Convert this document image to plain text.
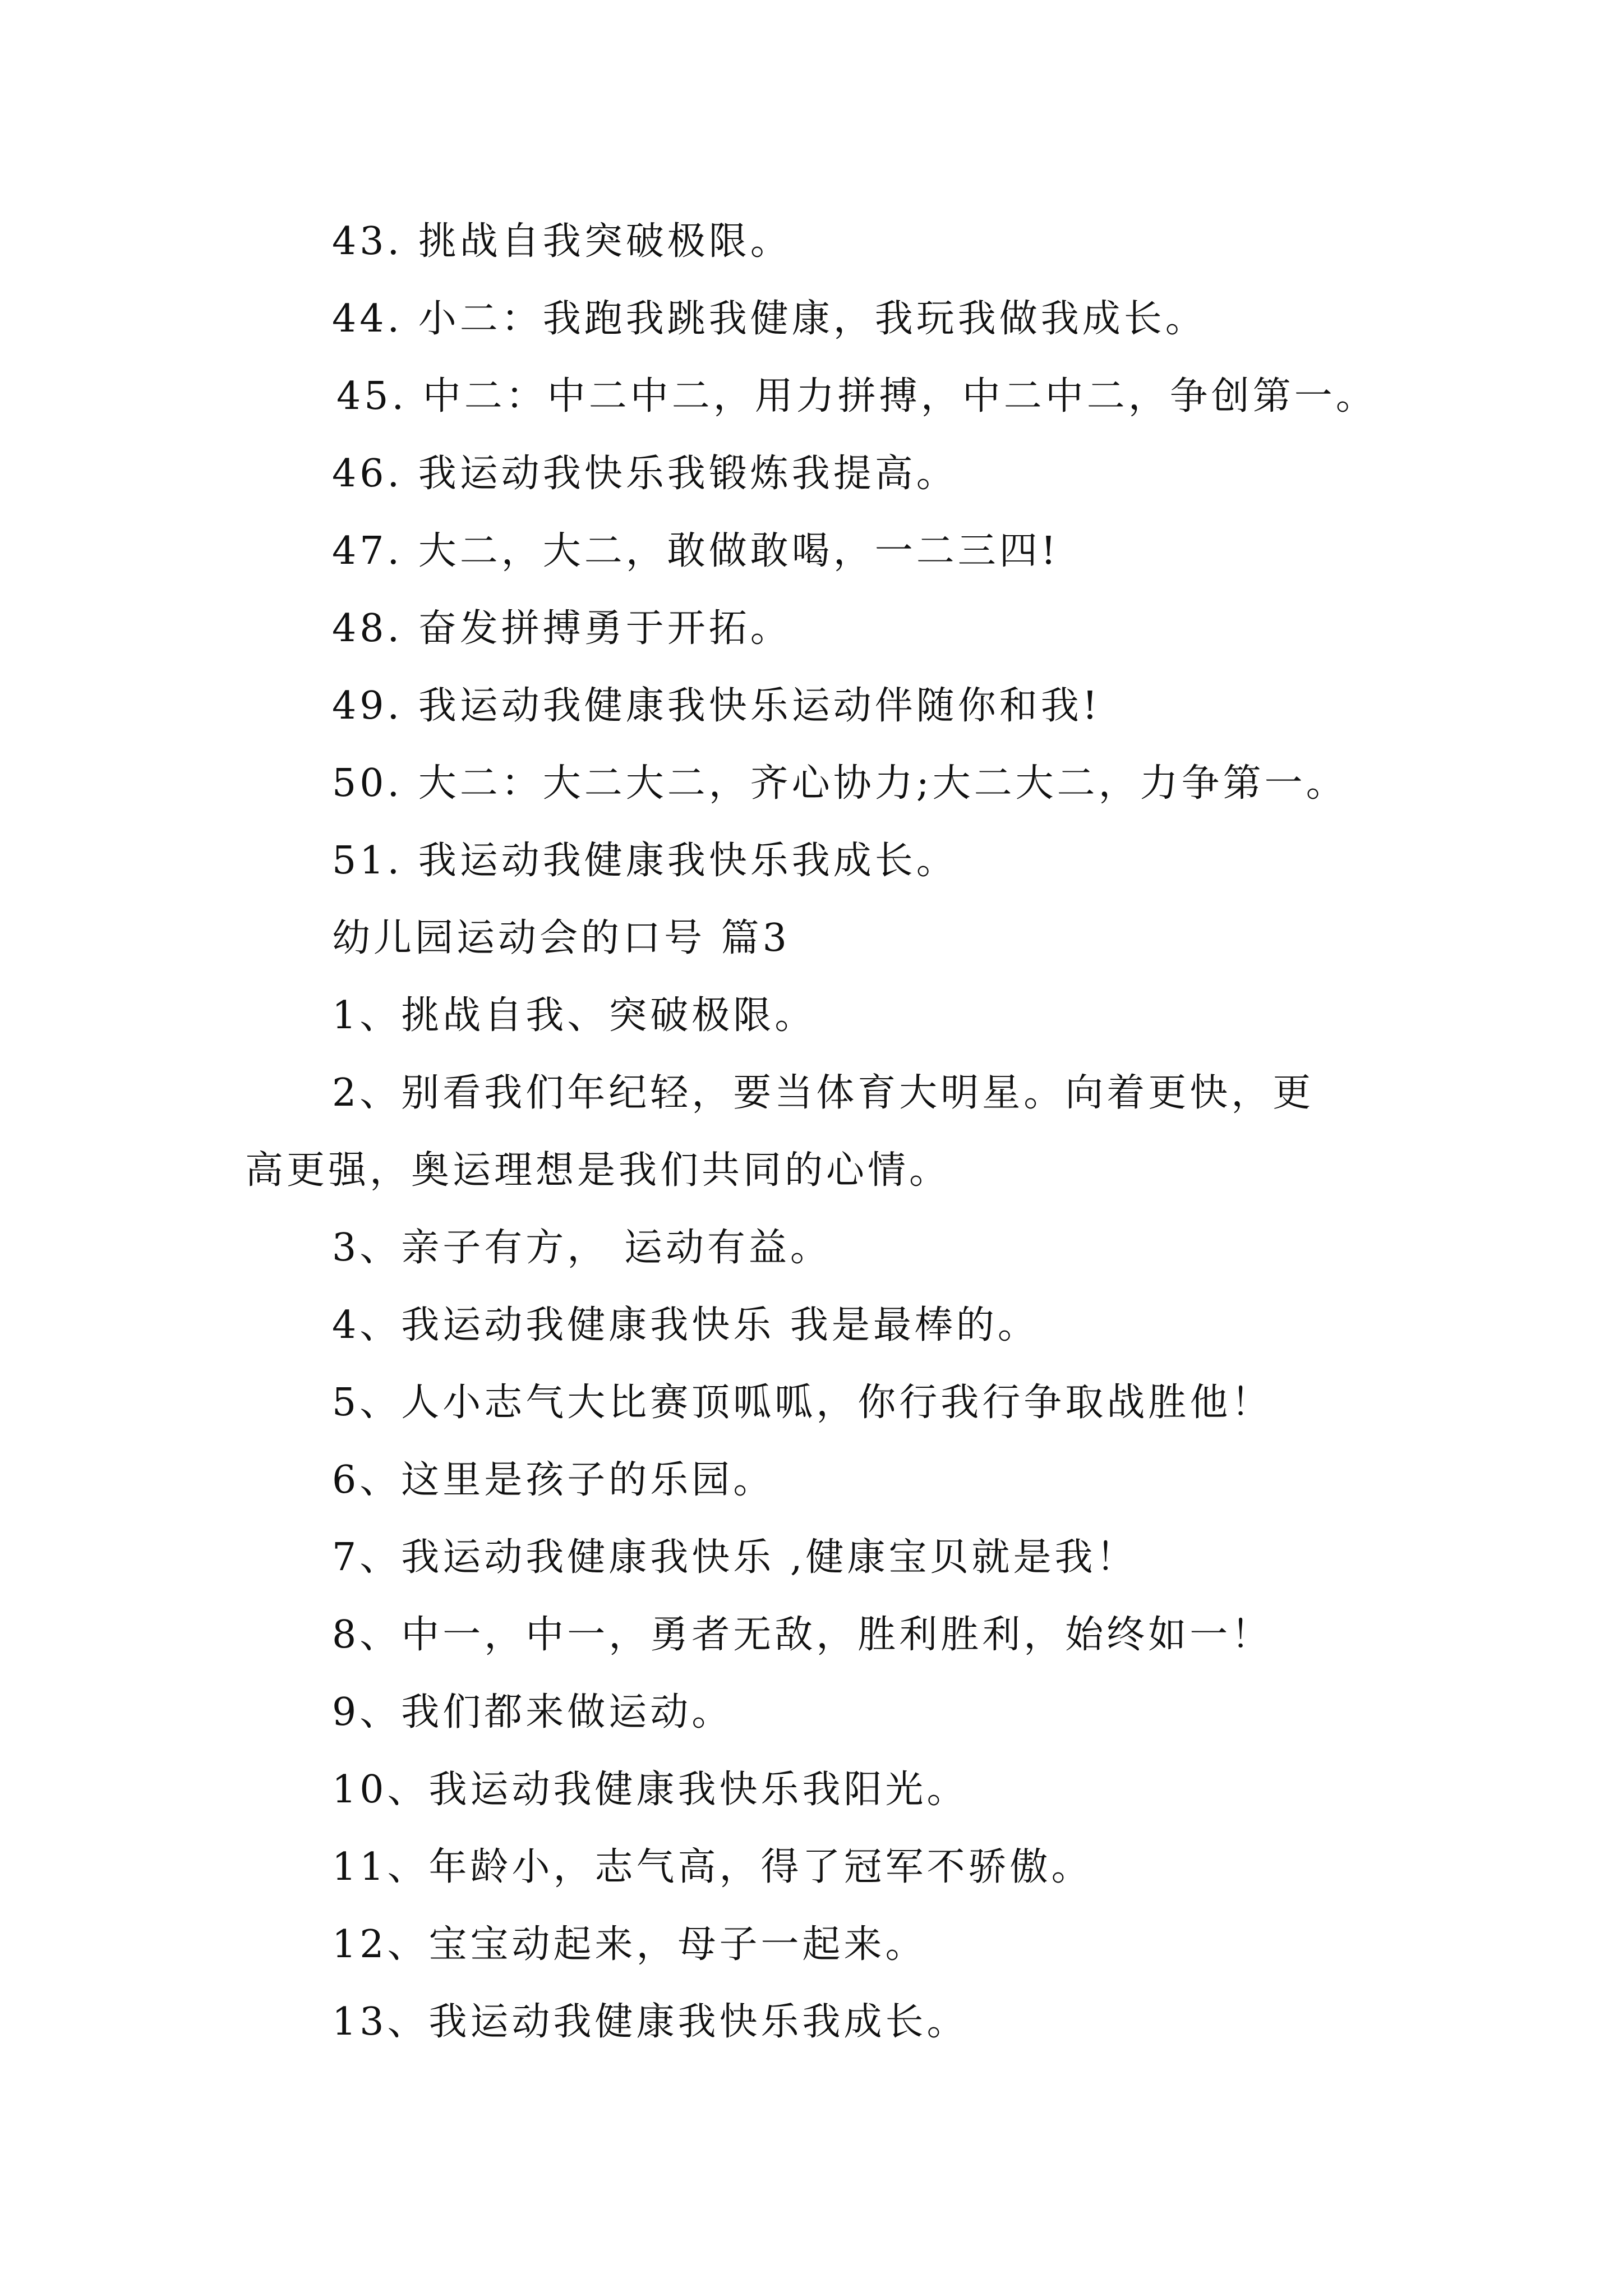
43. 挑战自我突破极限。
44. 小二：我跑我跳我健康，我玩我做我成长。
45. 中二：中二中二，用力拼搏，中二中二，争创第一。
46. 我运动我快乐我锻炼我提高。
47. 大二，大二，敢做敢喝，一二三四!
48. 奋发拼搏勇于开拓。
49. 我运动我健康我快乐运动伴随你和我!
50. 大二：大二大二，齐心协力;大二大二，力争第一。
51. 我运动我健康我快乐我成长。
幼儿园运动会的口号 篇3
1、挑战自我、突破极限。
2、别看我们年纪轻，要当体育大明星。向着更快，更
高更强，奥运理想是我们共同的心情。
3、亲子有方， 运动有益。
4、我运动我健康我快乐 我是最棒的。
5、人小志气大比赛顶呱呱，你行我行争取战胜他！
6、这里是孩子的乐园。
7、我运动我健康我快乐 ,健康宝贝就是我！
8、中一，中一，勇者无敌，胜利胜利，始终如一！
9、我们都来做运动。
10、我运动我健康我快乐我阳光。
11、年龄小，志气高，得了冠军不骄傲。
12、宝宝动起来，母子一起来。
13、我运动我健康我快乐我成长。
